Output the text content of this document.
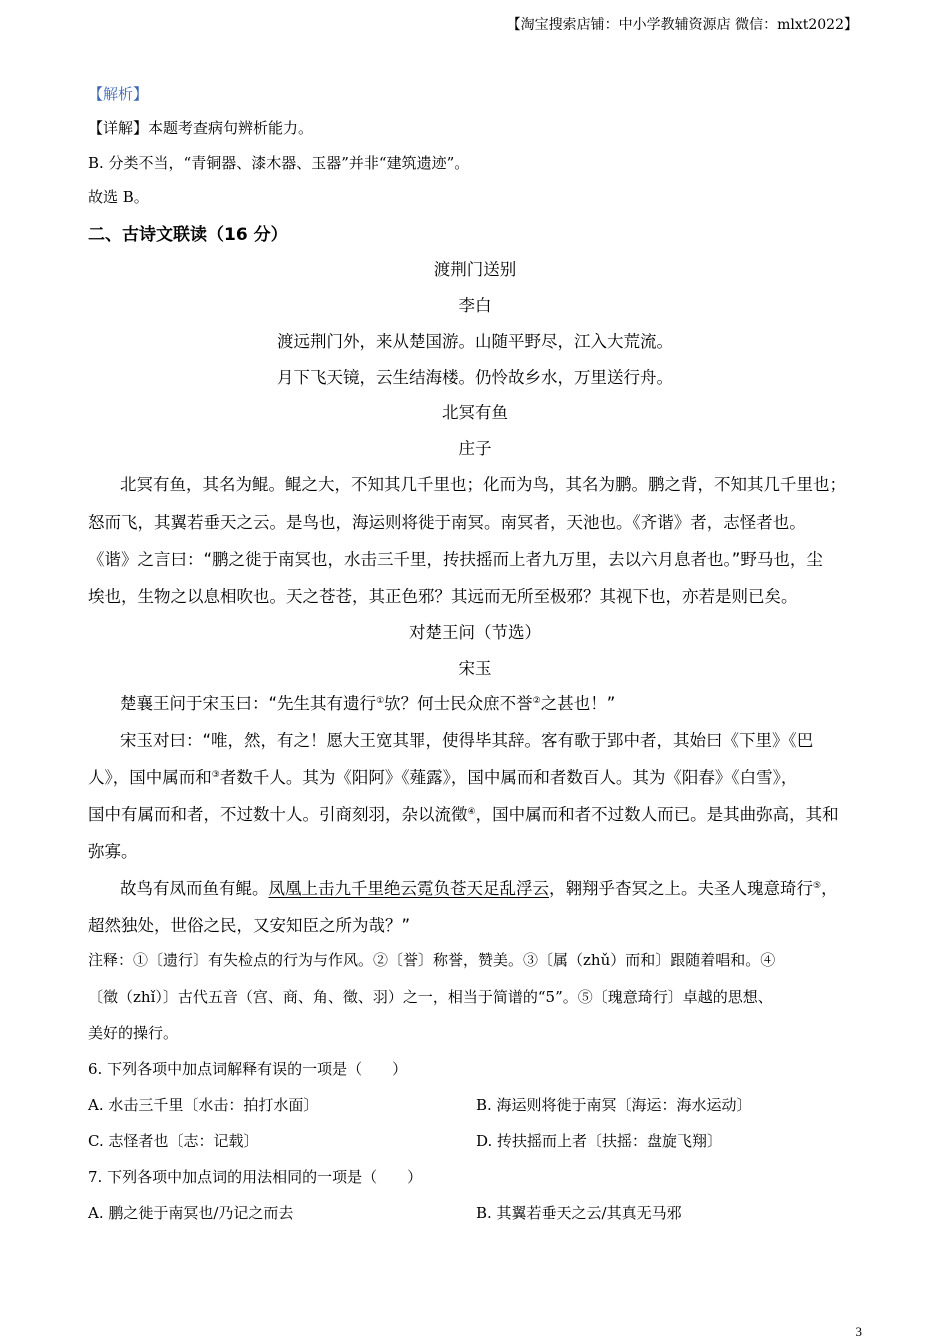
【淘宝搜索店铺：中小学教辅资源店 微信：mlxt2022】
【解析】
【详解】本题考查病句辨析能力。
B. 分类不当，“青铜器、漆木器、玉器”并非“建筑遗迹”。
故选 B。
二、古诗文联读（16 分）
渡荆门送别
李白
渡远荆门外，来从楚国游。山随平野尽，江入大荒流。
月下飞天镜，云生结海楼。仍怜故乡水，万里送行舟。
北冥有鱼
庄子
北冥有鱼，其名为鲲。鲲之大，不知其几千里也；化而为鸟，其名为鹏。鹏之背，不知其几千里也；
怒而飞，其翼若垂天之云。是鸟也，海运则将徙于南冥。南冥者，天池也。《齐谐》者，志怪者也。
《谐》之言曰：“鹏之徙于南冥也，水击三千里，抟扶摇而上者九万里，去以六月息者也。”野马也，尘
埃也，生物之以息相吹也。天之苍苍，其正色邪？其远而无所至极邪？其视下也，亦若是则已矣。
对楚王问（节选）
宋玉
楚襄王问于宋玉曰：“先生其有遗行①欤？何士民众庶不誉②之甚也！”
宋玉对曰：“唯，然，有之！愿大王宽其罪，使得毕其辞。客有歌于郢中者，其始曰《下里》《巴
人》，国中属而和③者数千人。其为《阳阿》《薤露》，国中属而和者数百人。其为《阳春》《白雪》，
国中有属而和者，不过数十人。引商刻羽，杂以流徵④，国中属而和者不过数人而已。是其曲弥高，其和
弥寡。
故鸟有凤而鱼有鲲。凤凰上击九千里绝云霓负苍天足乱浮云，翱翔乎杳冥之上。夫圣人瑰意琦行⑤，
超然独处，世俗之民，又安知臣之所为哉？”
注释：①〔遗行〕有失检点的行为与作风。②〔誉〕称誉，赞美。③〔属（zhǔ）而和〕跟随着唱和。④
〔徵（zhǐ）〕古代五音（宫、商、角、徵、羽）之一，相当于简谱的“5”。⑤〔瑰意琦行〕卓越的思想、
美好的操行。
6. 下列各项中加点词解释有误的一项是（　　）
A. 水击三千里〔水击：拍打水面〕	B. 海运则将徙于南冥〔海运：海水运动〕
C. 志怪者也〔志：记载〕	D. 抟扶摇而上者〔扶摇：盘旋飞翔〕
7. 下列各项中加点词的用法相同的一项是（　　）
A. 鹏之徙于南冥也/乃记之而去	B. 其翼若垂天之云/其真无马邪
3
